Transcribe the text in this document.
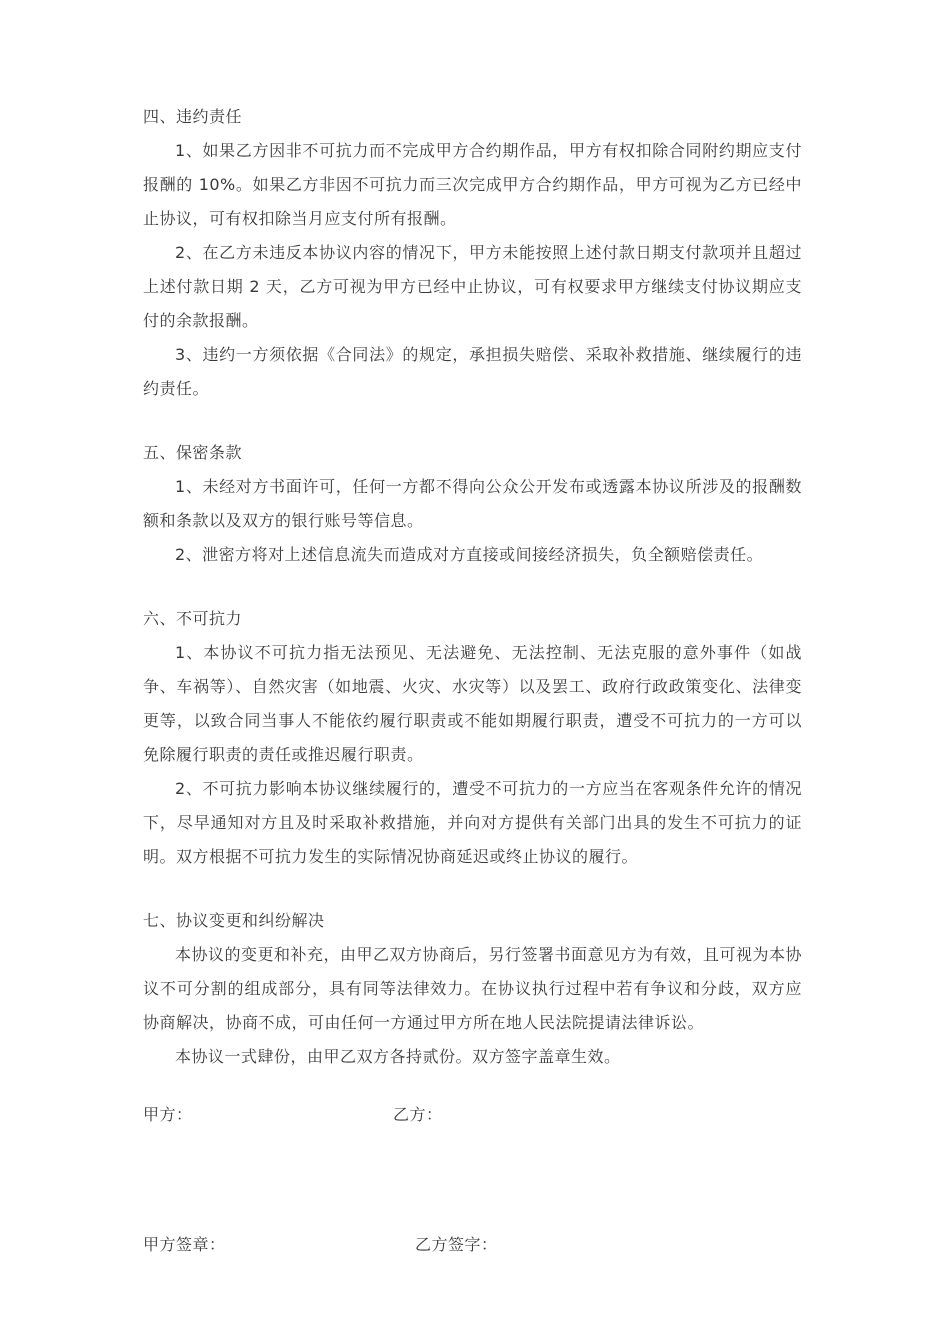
四、违约责任

1、如果乙方因非不可抗力而不完成甲方合约期作品，甲方有权扣除合同附约期应支付报酬的 10%。如果乙方非因不可抗力而三次完成甲方合约期作品，甲方可视为乙方已经中止协议，可有权扣除当月应支付所有报酬。

2、在乙方未违反本协议内容的情况下，甲方未能按照上述付款日期支付款项并且超过上述付款日期 2 天，乙方可视为甲方已经中止协议，可有权要求甲方继续支付协议期应支付的余款报酬。

3、违约一方须依据《合同法》的规定，承担损失赔偿、采取补救措施、继续履行的违约责任。

五、保密条款

1、未经对方书面许可，任何一方都不得向公众公开发布或透露本协议所涉及的报酬数额和条款以及双方的银行账号等信息。

2、泄密方将对上述信息流失而造成对方直接或间接经济损失，负全额赔偿责任。

六、不可抗力

1、本协议不可抗力指无法预见、无法避免、无法控制、无法克服的意外事件（如战争、车祸等）、自然灾害（如地震、火灾、水灾等）以及罢工、政府行政政策变化、法律变更等，以致合同当事人不能依约履行职责或不能如期履行职责，遭受不可抗力的一方可以免除履行职责的责任或推迟履行职责。

2、不可抗力影响本协议继续履行的，遭受不可抗力的一方应当在客观条件允许的情况下，尽早通知对方且及时采取补救措施，并向对方提供有关部门出具的发生不可抗力的证明。双方根据不可抗力发生的实际情况协商延迟或终止协议的履行。

七、协议变更和纠纷解决

本协议的变更和补充，由甲乙双方协商后，另行签署书面意见方为有效，且可视为本协议不可分割的组成部分，具有同等法律效力。在协议执行过程中若有争议和分歧，双方应协商解决，协商不成，可由任何一方通过甲方所在地人民法院提请法律诉讼。

本协议一式肆份，由甲乙双方各持贰份。双方签字盖章生效。

甲方：	乙方：
甲方签章：	乙方签字：
